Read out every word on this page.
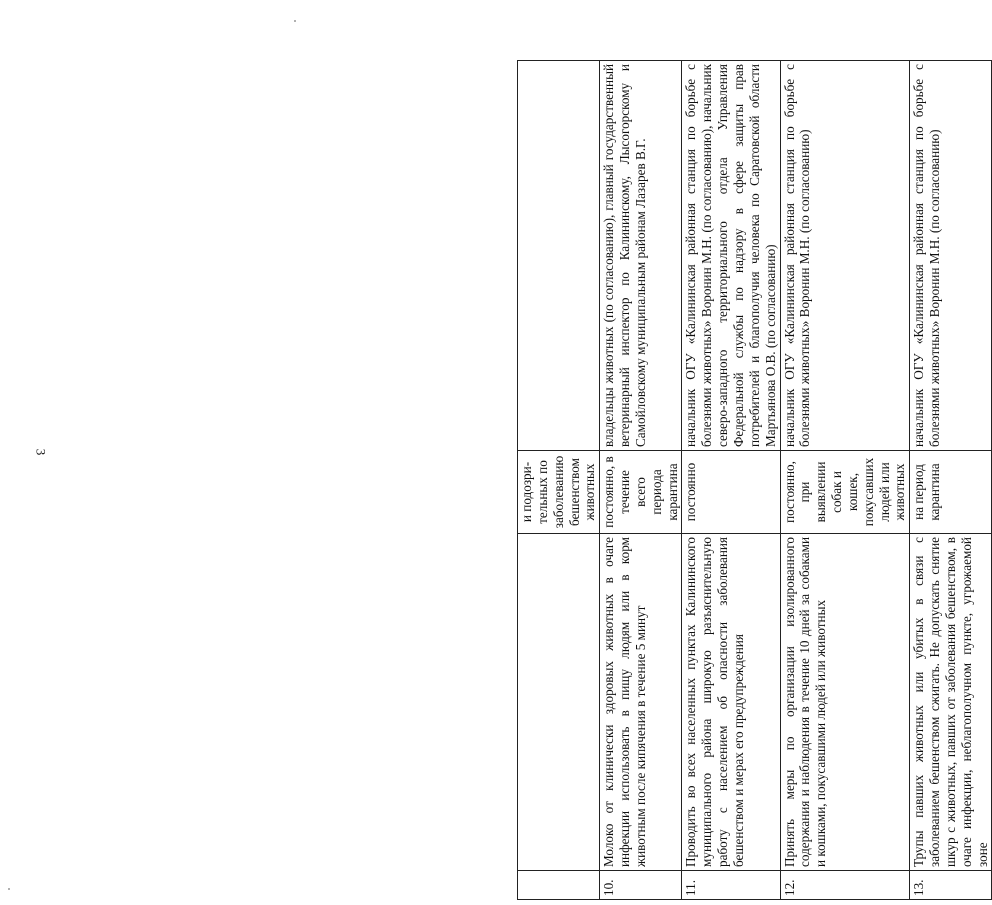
3
		и подозри-тельных по заболеванию бешенством животных	
10.	Молоко от клинически здоровых животных в очаге инфекции использовать в пищу людям или в корм животным после кипячения в течение 5 минут	постоянно, в течение всего периода карантина	владельцы животных (по согласованию), главный государственный ветеринарный инспектор по Калининскому, Лысогорскому и Самойловскому муниципальным районам Лазарев В.Г.
11.	Проводить во всех населенных пунктах Калининского муниципального района широкую разъяснительную работу с населением об опасности заболевания бешенством и мерах его предупреждения	постоянно	начальник ОГУ «Калининская районная станция по борьбе с болезнями животных» Воронин М.Н. (по согласованию), начальник северо-западного территориального отдела Управления Федеральной службы по надзору в сфере защиты прав потребителей и благополучия человека по Саратовской области Мартьянова О.В. (по согласованию)
12.	Принять меры по организации изолированного содержания и наблюдения в течение 10 дней за собаками и кошками, покусавшими людей или животных	постоянно, при выявлении собак и кошек, покусавших людей или животных	начальник ОГУ «Калининская районная станция по борьбе с болезнями животных» Воронин М.Н. (по согласованию)
13.	Трупы павших животных или убитых в связи с заболеванием бешенством сжигать. Не допускать снятие шкур с животных, павших от заболевания бешенством, в очаге инфекции, неблагополучном пункте, угрожаемой зоне	на период карантина	начальник ОГУ «Калининская районная станция по борьбе с болезнями животных» Воронин М.Н. (по согласованию)
